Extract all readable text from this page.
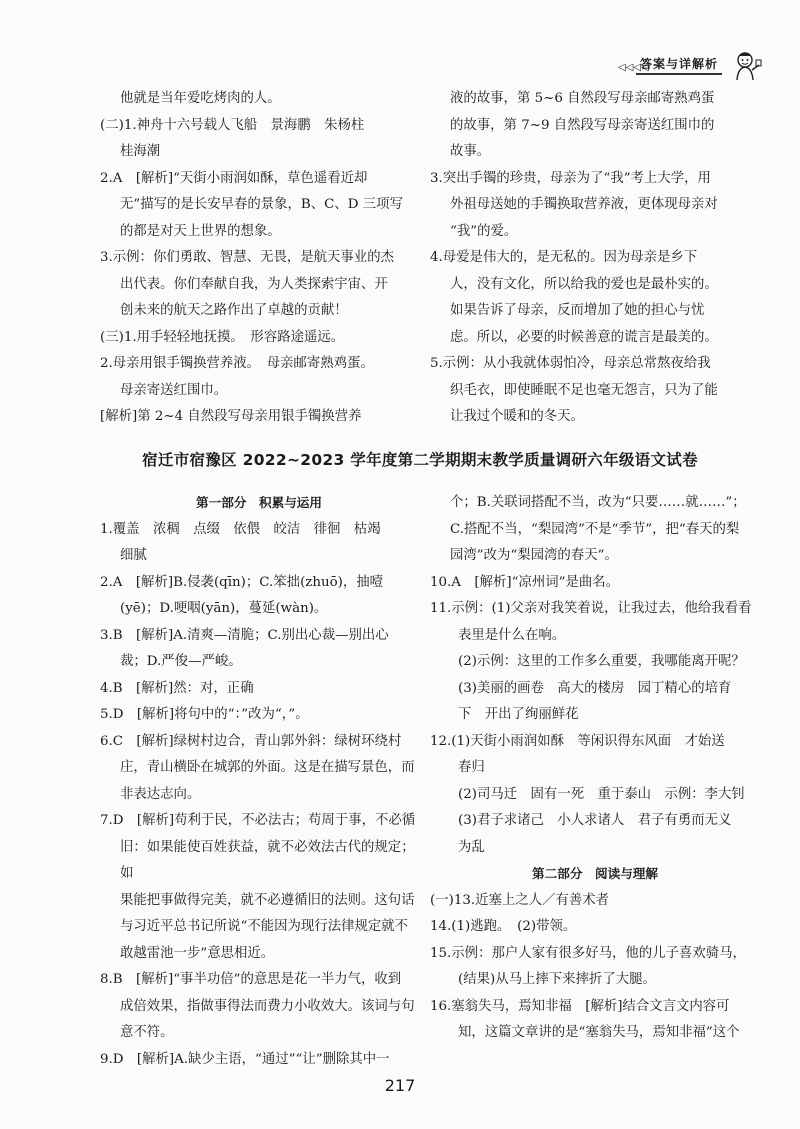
◁◁◁◁
答案与详解析

他就是当年爱吃烤肉的人。

(二)1.神舟十六号载人飞船　景海鹏　朱杨柱

桂海潮

2.A　[解析]“天街小雨润如酥，草色遥看近却

无”描写的是长安早春的景象，B、C、D 三项写

的都是对天上世界的想象。

3.示例：你们勇敢、智慧、无畏，是航天事业的杰

出代表。你们奉献自我，为人类探索宇宙、开

创未来的航天之路作出了卓越的贡献！

(三)1.用手轻轻地抚摸。　形容路途遥远。

2.母亲用银手镯换营养液。　母亲邮寄熟鸡蛋。

母亲寄送红围巾。

[解析]第 2~4 自然段写母亲用银手镯换营养

液的故事，第 5~6 自然段写母亲邮寄熟鸡蛋

的故事，第 7~9 自然段写母亲寄送红围巾的

故事。

3.突出手镯的珍贵，母亲为了“我”考上大学，用

外祖母送她的手镯换取营养液，更体现母亲对

“我”的爱。

4.母爱是伟大的，是无私的。因为母亲是乡下

人，没有文化，所以给我的爱也是最朴实的。

如果告诉了母亲，反而增加了她的担心与忧

虑。所以，必要的时候善意的谎言是最美的。

5.示例：从小我就体弱怕冷，母亲总常熬夜给我

织毛衣，即使睡眠不足也毫无怨言，只为了能

让我过个暖和的冬天。

宿迁市宿豫区 2022~2023 学年度第二学期期末教学质量调研六年级语文试卷

第一部分　积累与运用

1.覆盖　浓稠　点缀　依偎　皎洁　徘徊　枯竭

细腻

2.A　[解析]B.侵袭(qīn)；C.笨拙(zhuō)，抽噎

(yē)；D.哽咽(yān)，蔓延(wàn)。

3.B　[解析]A.清爽—清脆；C.别出心裁—别出心

裁；D.严俊—严峻。

4.B　[解析]然：对，正确

5.D　[解析]将句中的“：”改为“，”。

6.C　[解析]绿树村边合，青山郭外斜：绿树环绕村

庄，青山横卧在城郭的外面。这是在描写景色，而

非表达志向。

7.D　[解析]苟利于民，不必法古；苟周于事，不必循

旧：如果能使百姓获益，就不必效法古代的规定；如

果能把事做得完美，就不必遵循旧的法则。这句话

与习近平总书记所说“不能因为现行法律规定就不

敢越雷池一步”意思相近。

8.B　[解析]“事半功倍”的意思是花一半力气，收到

成倍效果，指做事得法而费力小收效大。该词与句

意不符。

9.D　[解析]A.缺少主语，“通过”“让”删除其中一

个；B.关联词搭配不当，改为“只要……就……”；

C.搭配不当，“梨园湾”不是“季节”，把“春天的梨

园湾”改为“梨园湾的春天”。

10.A　[解析]“凉州词”是曲名。

11.示例：(1)父亲对我笑着说，让我过去，他给我看看

表里是什么在响。

(2)示例：这里的工作多么重要，我哪能离开呢？

(3)美丽的画卷　高大的楼房　园丁精心的培育

下　开出了绚丽鲜花

12.(1)天街小雨润如酥　等闲识得东风面　才始送

春归

(2)司马迁　固有一死　重于泰山　示例：李大钊

(3)君子求诸己　小人求诸人　君子有勇而无义

为乱

第二部分　阅读与理解

(一)13.近塞上之人／有善术者

14.(1)逃跑。　(2)带领。

15.示例：那户人家有很多好马，他的儿子喜欢骑马，

(结果)从马上摔下来摔折了大腿。

16.塞翁失马，焉知非福　[解析]结合文言文内容可

知，这篇文章讲的是“塞翁失马，焉知非福”这个

217
